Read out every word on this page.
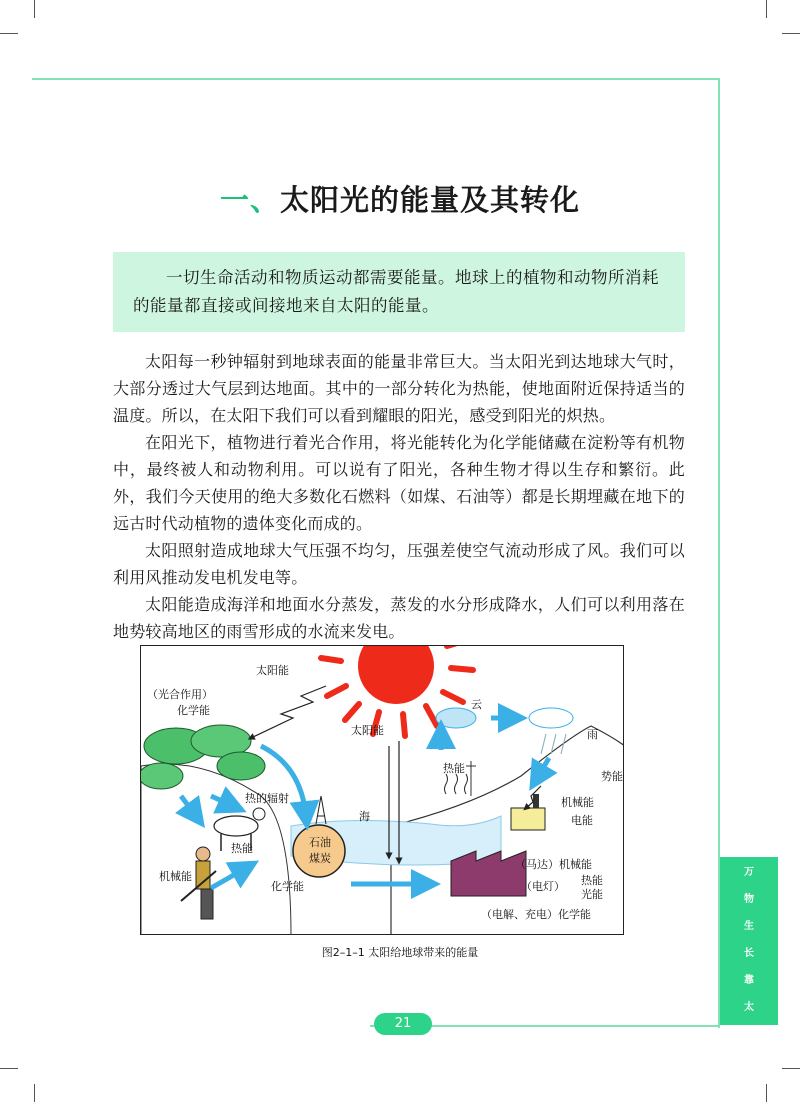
一、太阳光的能量及其转化
一切生命活动和物质运动都需要能量。地球上的植物和动物所消耗的能量都直接或间接地来自太阳的能量。

太阳每一秒钟辐射到地球表面的能量非常巨大。当太阳光到达地球大气时，大部分透过大气层到达地面。其中的一部分转化为热能，使地面附近保持适当的温度。所以，在太阳下我们可以看到耀眼的阳光，感受到阳光的炽热。

在阳光下，植物进行着光合作用，将光能转化为化学能储藏在淀粉等有机物中，最终被人和动物利用。可以说有了阳光，各种生物才得以生存和繁衍。此外，我们今天使用的绝大多数化石燃料（如煤、石油等）都是长期埋藏在地下的远古时代动植物的遗体变化而成的。

太阳照射造成地球大气压强不均匀，压强差使空气流动形成了风。我们可以利用风推动发电机发电等。

太阳能造成海洋和地面水分蒸发，蒸发的水分形成降水，人们可以利用落在地势较高地区的雨雪形成的水流来发电。

太阳能
（光合作用）
化学能
太阳能
云
雨
热能
势能
机械能
电能
热的辐射
海
热能	石油
煤炭
机械能
化学能
（马达）机械能
（电灯） 热能
光能
（电解、充电）化学能
图2–1–1 太阳给地球带来的能量
万
物
生
长
靠
太
阳
21
